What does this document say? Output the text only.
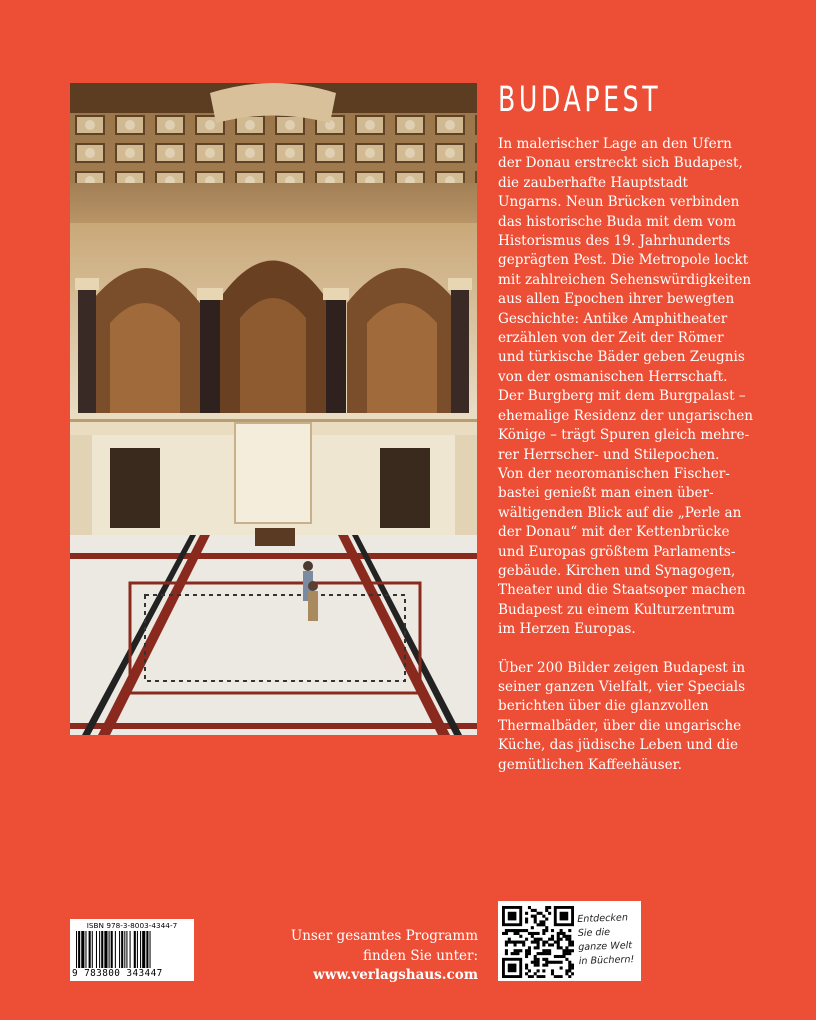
BUDAPEST

In malerischer Lage an den Ufern
der Donau erstreckt sich Budapest,
die zauberhafte Hauptstadt
Ungarns. Neun Brücken verbinden
das historische Buda mit dem vom
Historismus des 19. Jahrhunderts
geprägten Pest. Die Metropole lockt
mit zahlreichen Sehenswürdigkeiten
aus allen Epochen ihrer bewegten
Geschichte: Antike Amphitheater
erzählen von der Zeit der Römer
und türkische Bäder geben Zeugnis
von der osmanischen Herrschaft.
Der Burgberg mit dem Burgpalast –
ehemalige Residenz der ungarischen
Könige – trägt Spuren gleich mehre-
rer Herrscher- und Stilepochen.
Von der neoromanischen Fischer-
bastei genießt man einen über-
wältigenden Blick auf die „Perle an
der Donau“ mit der Kettenbrücke
und Europas größtem Parlaments-
gebäude. Kirchen und Synagogen,
Theater und die Staatsoper machen
Budapest zu einem Kulturzentrum
im Herzen Europas.

Über 200 Bilder zeigen Budapest in
seiner ganzen Vielfalt, vier Specials
berichten über die glanzvollen
Thermalbäder, über die ungarische
Küche, das jüdische Leben und die
gemütlichen Kaffeehäuser.

ISBN 978-3-8003-4344-7
9 783800 343447
Unser gesamtes Programm
finden Sie unter:
www.verlagshaus.com
Entdecken
Sie die
ganze Welt
in Büchern!
